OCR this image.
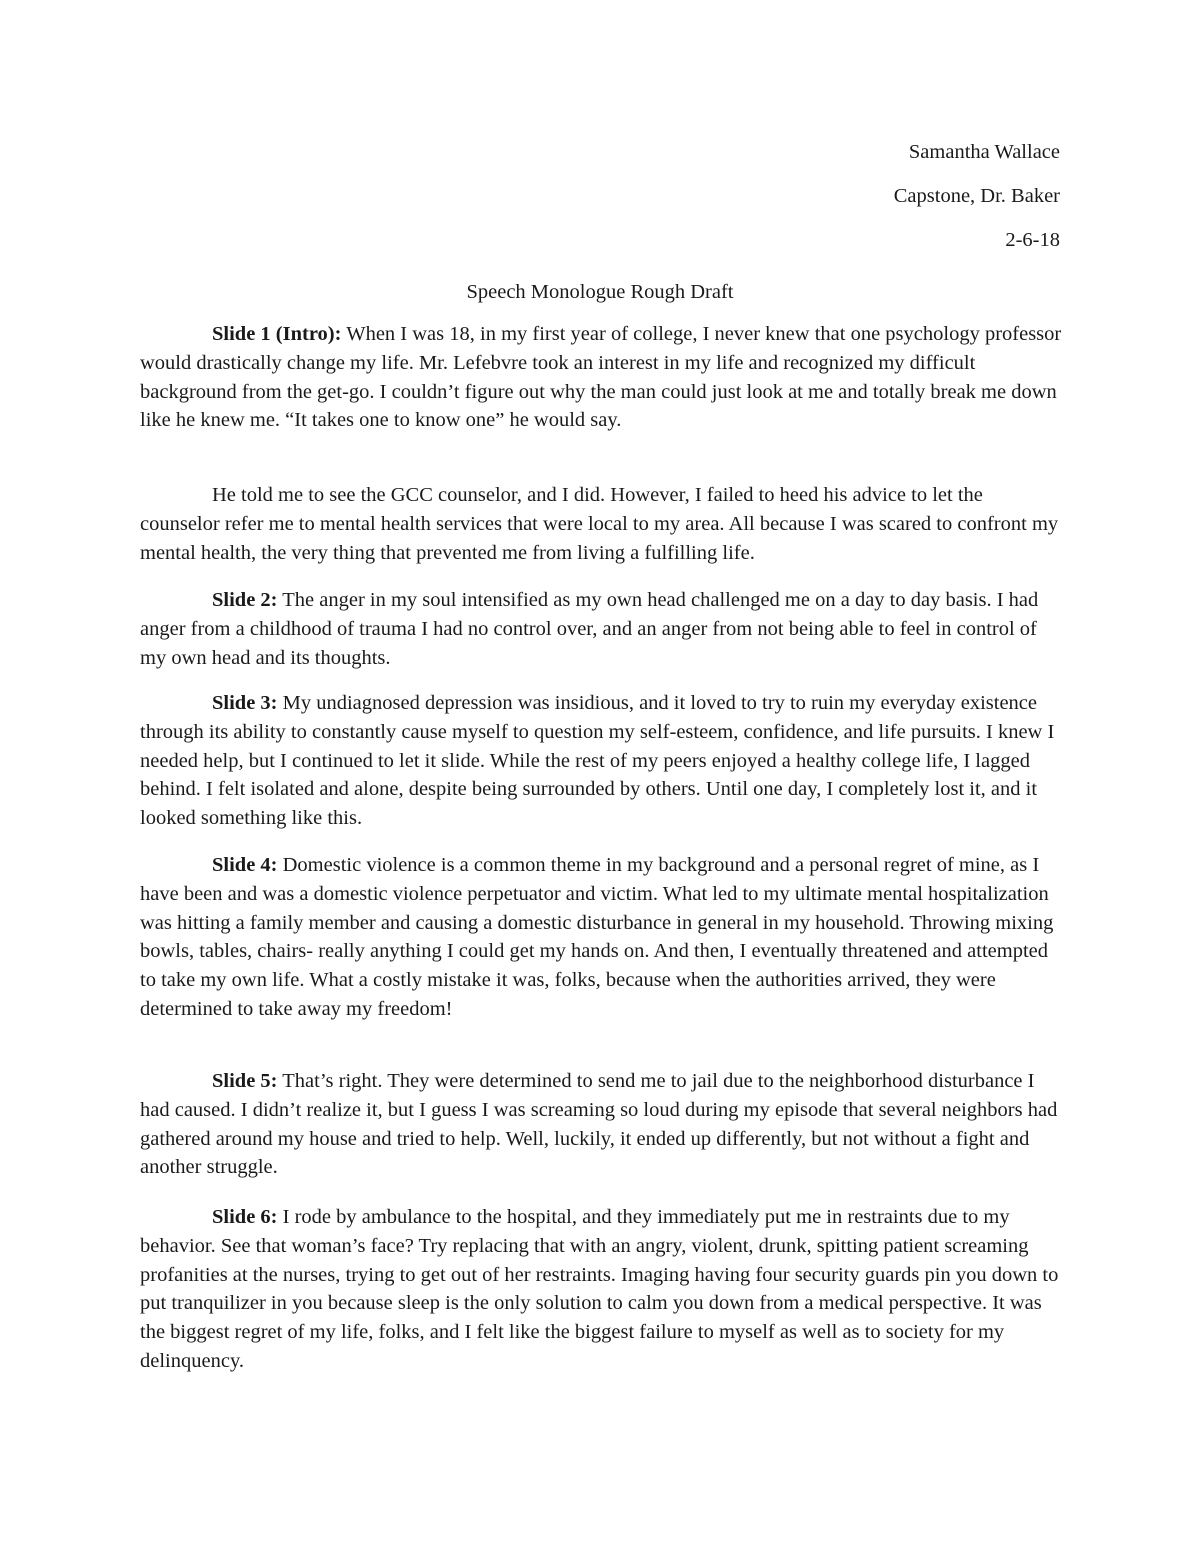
Samantha Wallace
Capstone, Dr. Baker
2-6-18
Speech Monologue Rough Draft

Slide 1 (Intro): When I was 18, in my first year of college, I never knew that one psychology professor would drastically change my life. Mr. Lefebvre took an interest in my life and recognized my difficult background from the get-go. I couldn’t figure out why the man could just look at me and totally break me down like he knew me. “It takes one to know one” he would say.

He told me to see the GCC counselor, and I did. However, I failed to heed his advice to let the counselor refer me to mental health services that were local to my area. All because I was scared to confront my mental health, the very thing that prevented me from living a fulfilling life.

Slide 2: The anger in my soul intensified as my own head challenged me on a day to day basis. I had anger from a childhood of trauma I had no control over, and an anger from not being able to feel in control of my own head and its thoughts.

Slide 3: My undiagnosed depression was insidious, and it loved to try to ruin my everyday existence through its ability to constantly cause myself to question my self-esteem, confidence, and life pursuits. I knew I needed help, but I continued to let it slide. While the rest of my peers enjoyed a healthy college life, I lagged behind. I felt isolated and alone, despite being surrounded by others. Until one day, I completely lost it, and it looked something like this.

Slide 4: Domestic violence is a common theme in my background and a personal regret of mine, as I have been and was a domestic violence perpetuator and victim. What led to my ultimate mental hospitalization was hitting a family member and causing a domestic disturbance in general in my household. Throwing mixing bowls, tables, chairs- really anything I could get my hands on. And then, I eventually threatened and attempted to take my own life. What a costly mistake it was, folks, because when the authorities arrived, they were determined to take away my freedom!

Slide 5: That’s right. They were determined to send me to jail due to the neighborhood disturbance I had caused. I didn’t realize it, but I guess I was screaming so loud during my episode that several neighbors had gathered around my house and tried to help. Well, luckily, it ended up differently, but not without a fight and another struggle.

Slide 6: I rode by ambulance to the hospital, and they immediately put me in restraints due to my behavior. See that woman’s face? Try replacing that with an angry, violent, drunk, spitting patient screaming profanities at the nurses, trying to get out of her restraints. Imaging having four security guards pin you down to put tranquilizer in you because sleep is the only solution to calm you down from a medical perspective. It was the biggest regret of my life, folks, and I felt like the biggest failure to myself as well as to society for my delinquency.
